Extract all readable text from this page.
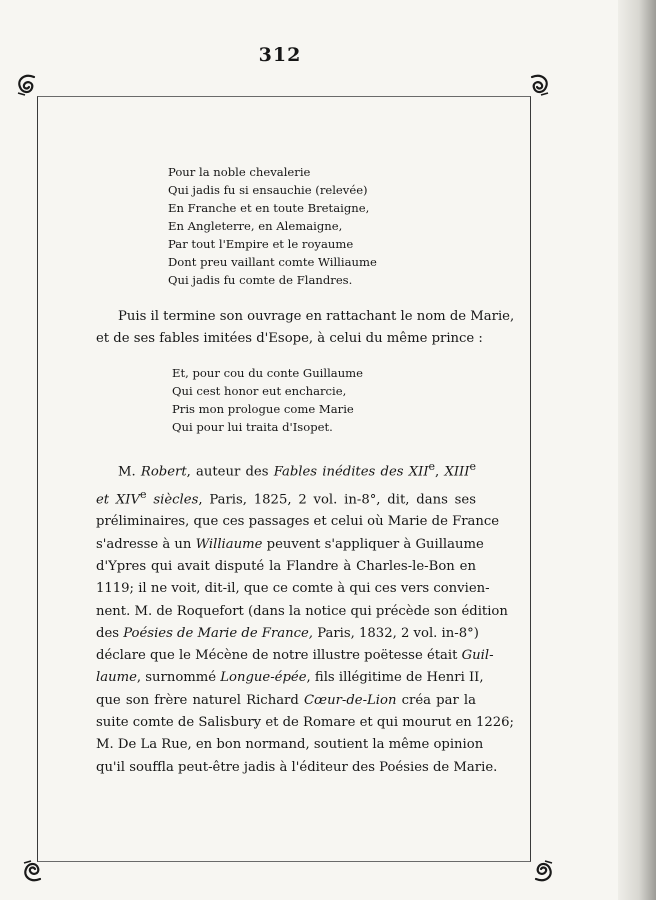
312
Pour la noble chevalerie
Qui jadis fu si ensauchie (relevée)
En Franche et en toute Bretaigne,
En Angleterre, en Alemaigne,
Par tout l'Empire et le royaume
Dont preu vaillant comte Williaume
Qui jadis fu comte de Flandres.
Puis il termine son ouvrage en rattachant le nom de Marie,
et de ses fables imitées d'Esope, à celui du même prince :
Et, pour cou du conte Guillaume
Qui cest honor eut encharcie,
Pris mon prologue come Marie
Qui pour lui traita d'Isopet.
M. Robert, auteur des Fables inédites des XIIe, XIIIe
et XIVe siècles, Paris, 1825, 2 vol. in-8°, dit, dans ses
préliminaires, que ces passages et celui où Marie de France
s'adresse à un Williaume peuvent s'appliquer à Guillaume
d'Ypres qui avait disputé la Flandre à Charles-le-Bon en
1119; il ne voit, dit-il, que ce comte à qui ces vers convien-
nent. M. de Roquefort (dans la notice qui précède son édition
des Poésies de Marie de France, Paris, 1832, 2 vol. in-8°)
déclare que le Mécène de notre illustre poëtesse était Guil-
laume, surnommé Longue-épée, fils illégitime de Henri II,
que son frère naturel Richard Cœur-de-Lion créa par la
suite comte de Salisbury et de Romare et qui mourut en 1226;
M. De La Rue, en bon normand, soutient la même opinion
qu'il souffla peut-être jadis à l'éditeur des Poésies de Marie.
